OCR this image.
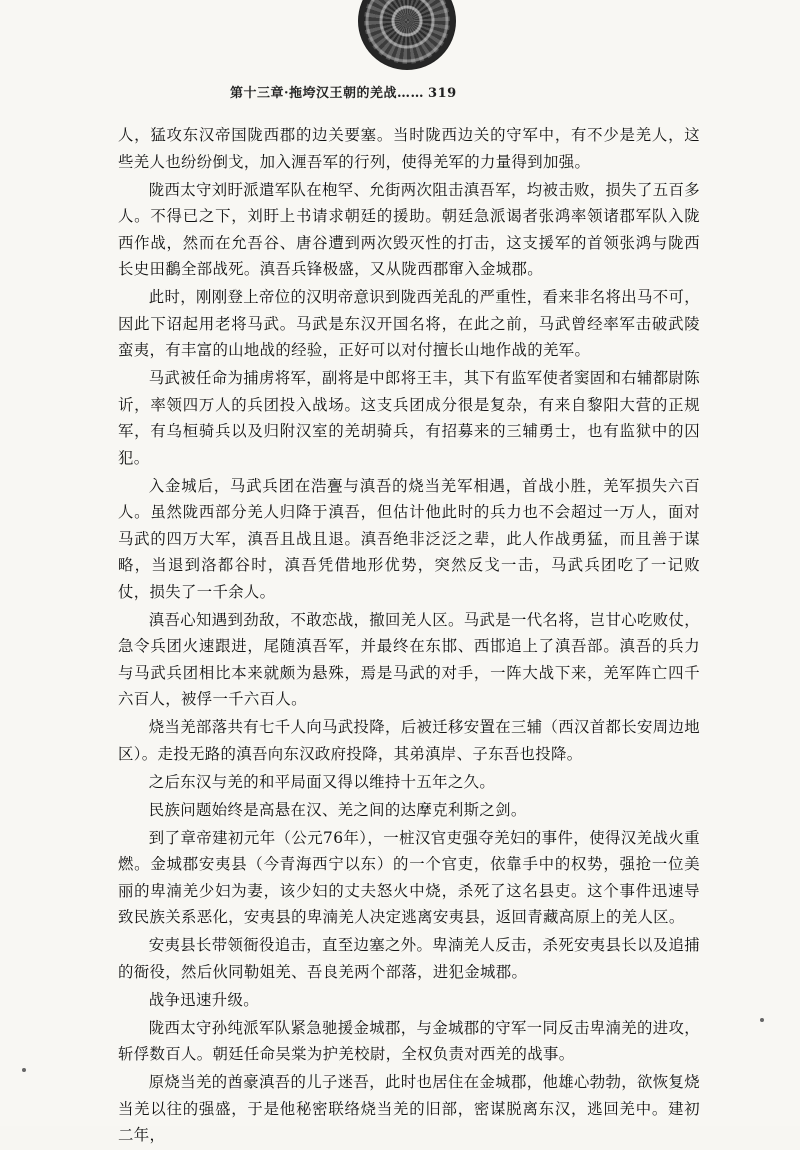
第十三章·拖垮汉王朝的羌战…… 319

人，猛攻东汉帝国陇西郡的边关要塞。当时陇西边关的守军中，有不少是羌人，这些羌人也纷纷倒戈，加入湹吾军的行列，使得羌军的力量得到加强。

陇西太守刘盱派遣军队在枹罕、允街两次阻击滇吾军，均被击败，损失了五百多人。不得已之下，刘盱上书请求朝廷的援助。朝廷急派谒者张鸿率领诸郡军队入陇西作战，然而在允吾谷、唐谷遭到两次毁灭性的打击，这支援军的首领张鸿与陇西长史田鷭全部战死。滇吾兵锋极盛，又从陇西郡窜入金城郡。

此时，刚刚登上帝位的汉明帝意识到陇西羌乱的严重性，看来非名将出马不可，因此下诏起用老将马武。马武是东汉开国名将，在此之前，马武曾经率军击破武陵蛮夷，有丰富的山地战的经验，正好可以对付擅长山地作战的羌军。

马武被任命为捕虏将军，副将是中郎将王丰，其下有监军使者窦固和右辅都尉陈䜣，率领四万人的兵团投入战场。这支兵团成分很是复杂，有来自黎阳大营的正规军，有乌桓骑兵以及归附汉室的羌胡骑兵，有招募来的三辅勇士，也有监狱中的囚犯。

入金城后，马武兵团在浩亹与滇吾的烧当羌军相遇，首战小胜，羌军损失六百人。虽然陇西部分羌人归降于滇吾，但估计他此时的兵力也不会超过一万人，面对马武的四万大军，滇吾且战且退。滇吾绝非泛泛之辈，此人作战勇猛，而且善于谋略，当退到洛都谷时，滇吾凭借地形优势，突然反戈一击，马武兵团吃了一记败仗，损失了一千余人。

滇吾心知遇到劲敌，不敢恋战，撤回羌人区。马武是一代名将，岂甘心吃败仗，急令兵团火速跟进，尾随滇吾军，并最终在东邯、西邯追上了滇吾部。滇吾的兵力与马武兵团相比本来就颇为悬殊，焉是马武的对手，一阵大战下来，羌军阵亡四千六百人，被俘一千六百人。

烧当羌部落共有七千人向马武投降，后被迁移安置在三辅（西汉首都长安周边地区）。走投无路的滇吾向东汉政府投降，其弟滇岸、子东吾也投降。

之后东汉与羌的和平局面又得以维持十五年之久。

民族问题始终是高悬在汉、羌之间的达摩克利斯之剑。

到了章帝建初元年（公元76年），一桩汉官吏强夺羌妇的事件，使得汉羌战火重燃。金城郡安夷县（今青海西宁以东）的一个官吏，依靠手中的权势，强抢一位美丽的卑湳羌少妇为妻，该少妇的丈夫怒火中烧，杀死了这名县吏。这个事件迅速导致民族关系恶化，安夷县的卑湳羌人决定逃离安夷县，返回青藏高原上的羌人区。

安夷县长带领衙役追击，直至边塞之外。卑湳羌人反击，杀死安夷县长以及追捕的衙役，然后伙同勒姐羌、吾良羌两个部落，进犯金城郡。

战争迅速升级。

陇西太守孙纯派军队紧急驰援金城郡，与金城郡的守军一同反击卑湳羌的进攻，斩俘数百人。朝廷任命吴棠为护羌校尉，全权负责对西羌的战事。

原烧当羌的酋豪滇吾的儿子迷吾，此时也居住在金城郡，他雄心勃勃，欲恢复烧当羌以往的强盛，于是他秘密联络烧当羌的旧部，密谋脱离东汉，逃回羌中。建初二年，
